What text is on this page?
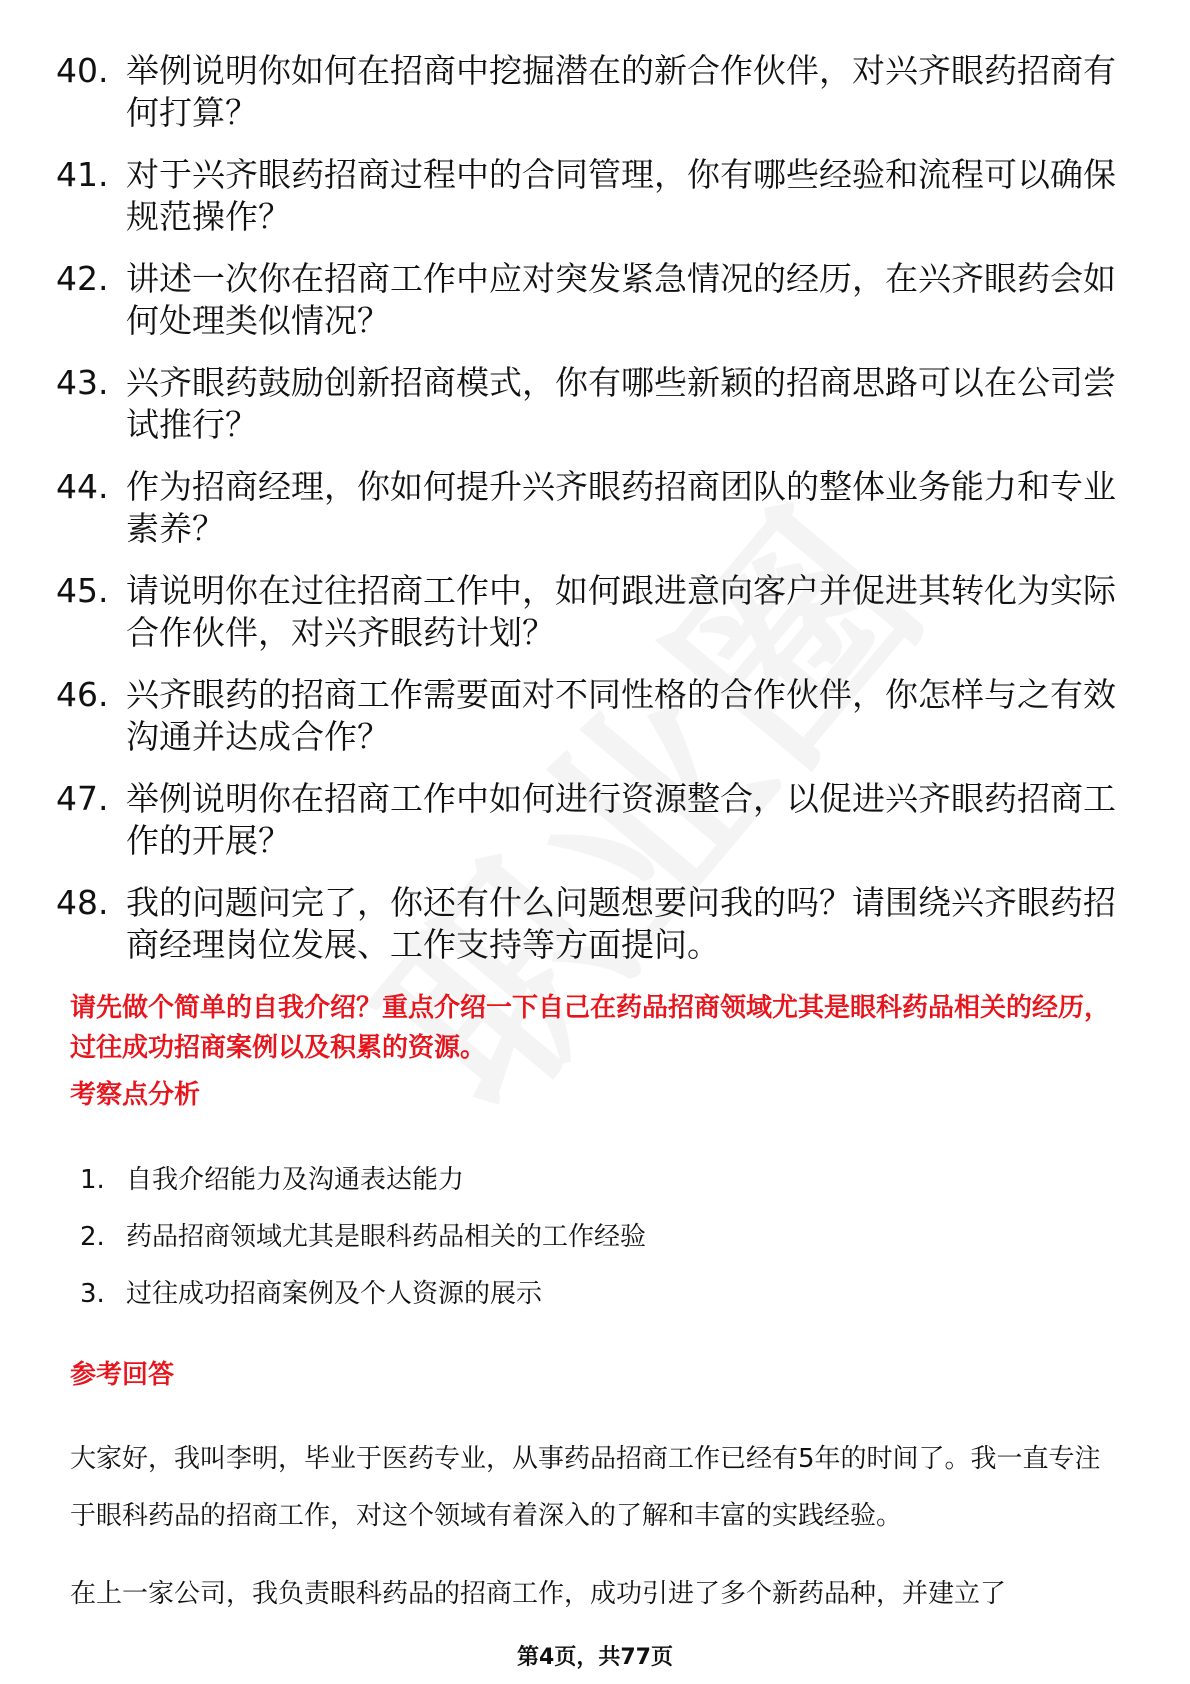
40. 举例说明你如何在招商中挖掘潜在的新合作伙伴，对兴齐眼药招商有何打算？
41. 对于兴齐眼药招商过程中的合同管理，你有哪些经验和流程可以确保规范操作？
42. 讲述一次你在招商工作中应对突发紧急情况的经历，在兴齐眼药会如何处理类似情况？
43. 兴齐眼药鼓励创新招商模式，你有哪些新颖的招商思路可以在公司尝试推行？
44. 作为招商经理，你如何提升兴齐眼药招商团队的整体业务能力和专业素养？
45. 请说明你在过往招商工作中，如何跟进意向客户并促进其转化为实际合作伙伴，对兴齐眼药计划？
46. 兴齐眼药的招商工作需要面对不同性格的合作伙伴，你怎样与之有效沟通并达成合作？
47. 举例说明你在招商工作中如何进行资源整合，以促进兴齐眼药招商工作的开展？
48. 我的问题问完了，你还有什么问题想要问我的吗？请围绕兴齐眼药招商经理岗位发展、工作支持等方面提问。

请先做个简单的自我介绍？重点介绍一下自己在药品招商领域尤其是眼科药品相关的经历，过往成功招商案例以及积累的资源。

考察点分析
1. 自我介绍能力及沟通表达能力
2. 药品招商领域尤其是眼科药品相关的工作经验
3. 过往成功招商案例及个人资源的展示
参考回答

大家好，我叫李明，毕业于医药专业，从事药品招商工作已经有5年的时间了。我一直专注于眼科药品的招商工作，对这个领域有着深入的了解和丰富的实践经验。

在上一家公司，我负责眼科药品的招商工作，成功引进了多个新药品种，并建立了

第4页，共77页
